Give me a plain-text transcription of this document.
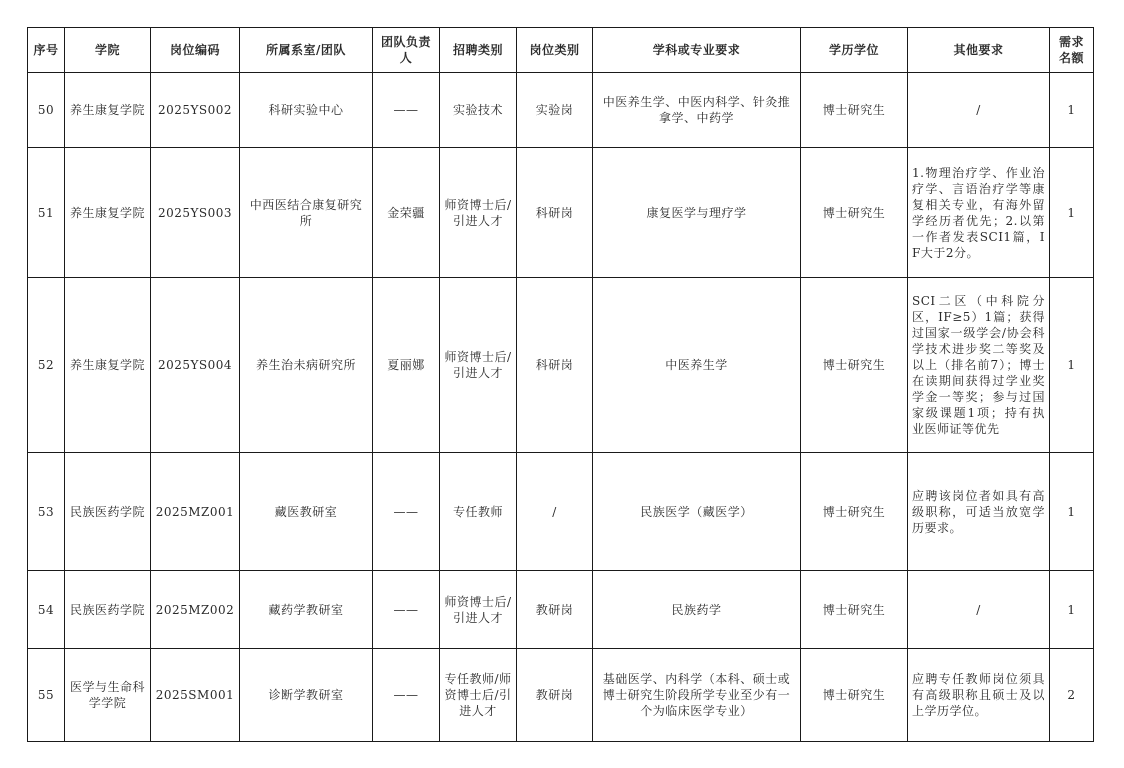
序号	学院	岗位编码	所属系室/团队	团队负责人	招聘类别	岗位类别	学科或专业要求	学历学位	其他要求	需求名额
50	养生康复学院	2025YS002	科研实验中心	——	实验技术	实验岗	中医养生学、中医内科学、针灸推拿学、中药学	博士研究生	/	1
51	养生康复学院	2025YS003	中西医结合康复研究所	金荣疆	师资博士后/引进人才	科研岗	康复医学与理疗学	博士研究生	1.物理治疗学、作业治疗学、言语治疗学等康复相关专业，有海外留学经历者优先；2.以第一作者发表SCI1篇，IF大于2分。	1
52	养生康复学院	2025YS004	养生治未病研究所	夏丽娜	师资博士后/引进人才	科研岗	中医养生学	博士研究生	SCI二区（中科院分区，IF≥5）1篇；获得过国家一级学会/协会科学技术进步奖二等奖及以上（排名前7）；博士在读期间获得过学业奖学金一等奖；参与过国家级课题1项；持有执业医师证等优先	1
53	民族医药学院	2025MZ001	藏医教研室	——	专任教师	/	民族医学（藏医学）	博士研究生	应聘该岗位者如具有高级职称，可适当放宽学历要求。	1
54	民族医药学院	2025MZ002	藏药学教研室	——	师资博士后/引进人才	教研岗	民族药学	博士研究生	/	1
55	医学与生命科学学院	2025SM001	诊断学教研室	——	专任教师/师资博士后/引进人才	教研岗	基础医学、内科学（本科、硕士或博士研究生阶段所学专业至少有一个为临床医学专业）	博士研究生	应聘专任教师岗位须具有高级职称且硕士及以上学历学位。	2
